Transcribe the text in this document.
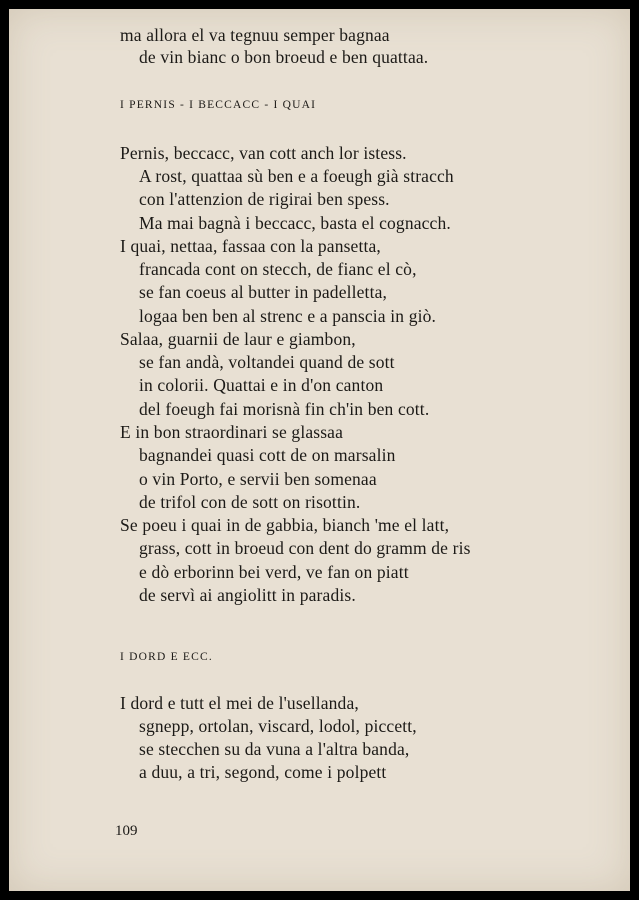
ma allora el va tegnuu semper bagnaa
de vin bianc o bon broeud e ben quattaa.
I PERNIS - I BECCACC - I QUAI
Pernis, beccacc, van cott anch lor istess.
A rost, quattaa sù ben e a foeugh già stracch
con l'attenzion de rigirai ben spess.
Ma mai bagnà i beccacc, basta el cognacch.
I quai, nettaa, fassaa con la pansetta,
francada cont on stecch, de fianc el cò,
se fan coeus al butter in padelletta,
logaa ben ben al strenc e a panscia in giò.
Salaa, guarnii de laur e giambon,
se fan andà, voltandei quand de sott
in colorii. Quattai e in d'on canton
del foeugh fai morisnà fin ch'in ben cott.
E in bon straordinari se glassaa
bagnandei quasi cott de on marsalin
o vin Porto, e servii ben somenaa
de trifol con de sott on risottin.
Se poeu i quai in de gabbia, bianch 'me el latt,
grass, cott in broeud con dent do gramm de ris
e dò erborinn bei verd, ve fan on piatt
de servì ai angiolitt in paradis.
I DORD E ECC.
I dord e tutt el mei de l'usellanda,
sgnepp, ortolan, viscard, lodol, piccett,
se stecchen su da vuna a l'altra banda,
a duu, a tri, segond, come i polpett
109
